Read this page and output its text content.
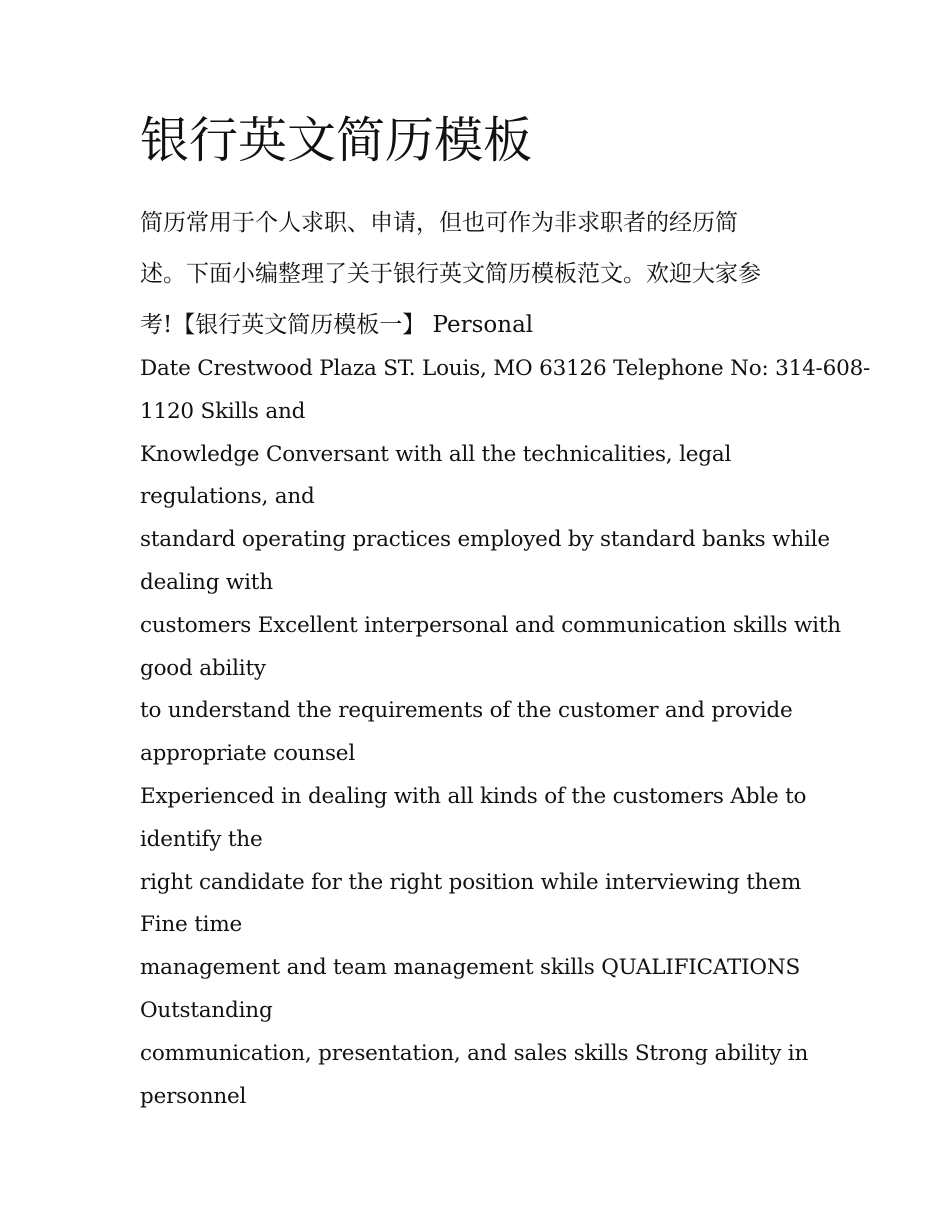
银行英文简历模板
简历常用于个人求职、申请，但也可作为非求职者的经历简
述。下面小编整理了关于银行英文简历模板范文。欢迎大家参
考!【银行英文简历模板一】 Personal
Date Crestwood Plaza ST. Louis, MO 63126 Telephone No: 314-608-
1120 Skills and
Knowledge Conversant with all the technicalities, legal
regulations, and
standard operating practices employed by standard banks while
dealing with
customers Excellent interpersonal and communication skills with
good ability
to understand the requirements of the customer and provide
appropriate counsel
Experienced in dealing with all kinds of the customers Able to
identify the
right candidate for the right position while interviewing them
Fine time
management and team management skills QUALIFICATIONS
Outstanding
communication, presentation, and sales skills Strong ability in
personnel
